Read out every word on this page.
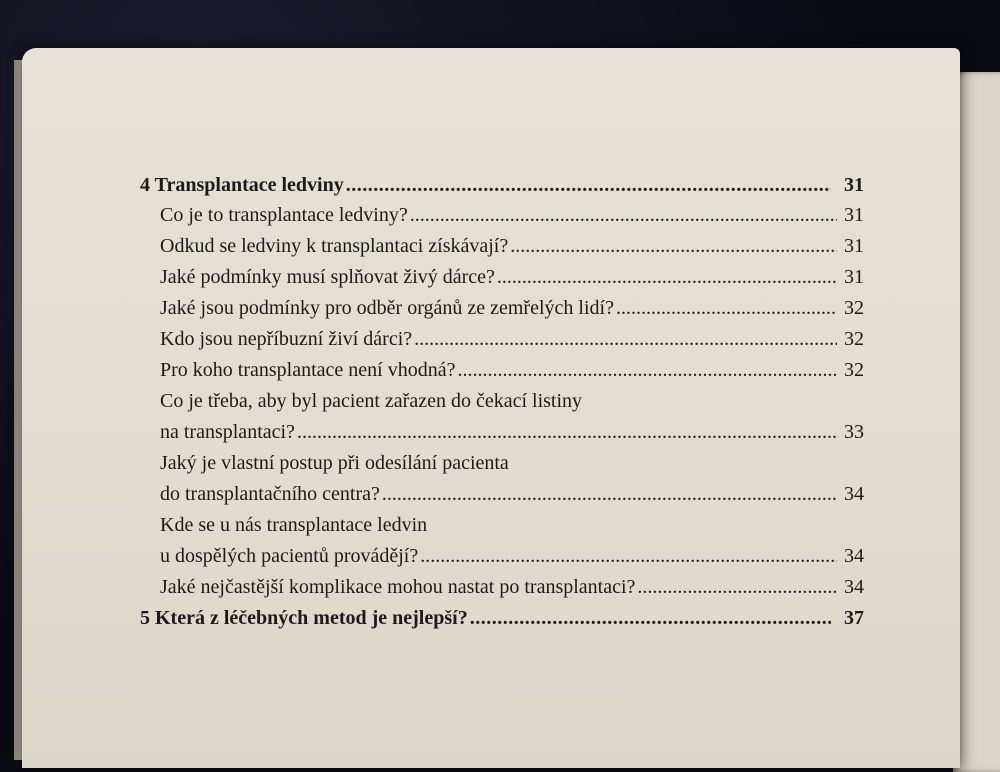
4 Transplantace ledviny .....	31
Co je to transplantace ledviny? .....	31
Odkud se ledviny k transplantaci získávají? .....	31
Jaké podmínky musí splňovat živý dárce? .....	31
Jaké jsou podmínky pro odběr orgánů ze zemřelých lidí? .....	32
Kdo jsou nepříbuzní živí dárci? .....	32
Pro koho transplantace není vhodná? .....	32
Co je třeba, aby byl pacient zařazen do čekací listiny
na transplantaci? .....	33
Jaký je vlastní postup při odesílání pacienta
do transplantačního centra? .....	34
Kde se u nás transplantace ledvin
u dospělých pacientů provádějí? .....	34
Jaké nejčastější komplikace mohou nastat po transplantaci? .....	34
5 Která z léčebných metod je nejlepší? .....	37
